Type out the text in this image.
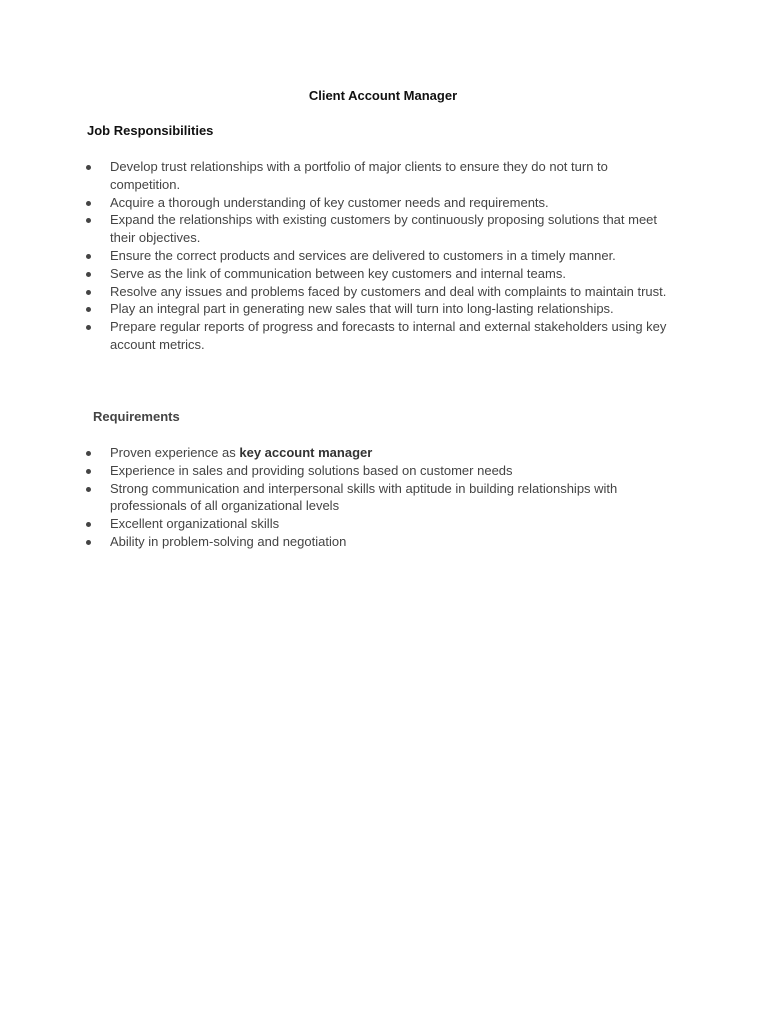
Client Account Manager
Job Responsibilities
Develop trust relationships with a portfolio of major clients to ensure they do not turn to competition.
Acquire a thorough understanding of key customer needs and requirements.
Expand the relationships with existing customers by continuously proposing solutions that meet their objectives.
Ensure the correct products and services are delivered to customers in a timely manner.
Serve as the link of communication between key customers and internal teams.
Resolve any issues and problems faced by customers and deal with complaints to maintain trust.
Play an integral part in generating new sales that will turn into long-lasting relationships.
Prepare regular reports of progress and forecasts to internal and external stakeholders using key account metrics.
Requirements
Proven experience as key account manager
Experience in sales and providing solutions based on customer needs
Strong communication and interpersonal skills with aptitude in building relationships with professionals of all organizational levels
Excellent organizational skills
Ability in problem-solving and negotiation
